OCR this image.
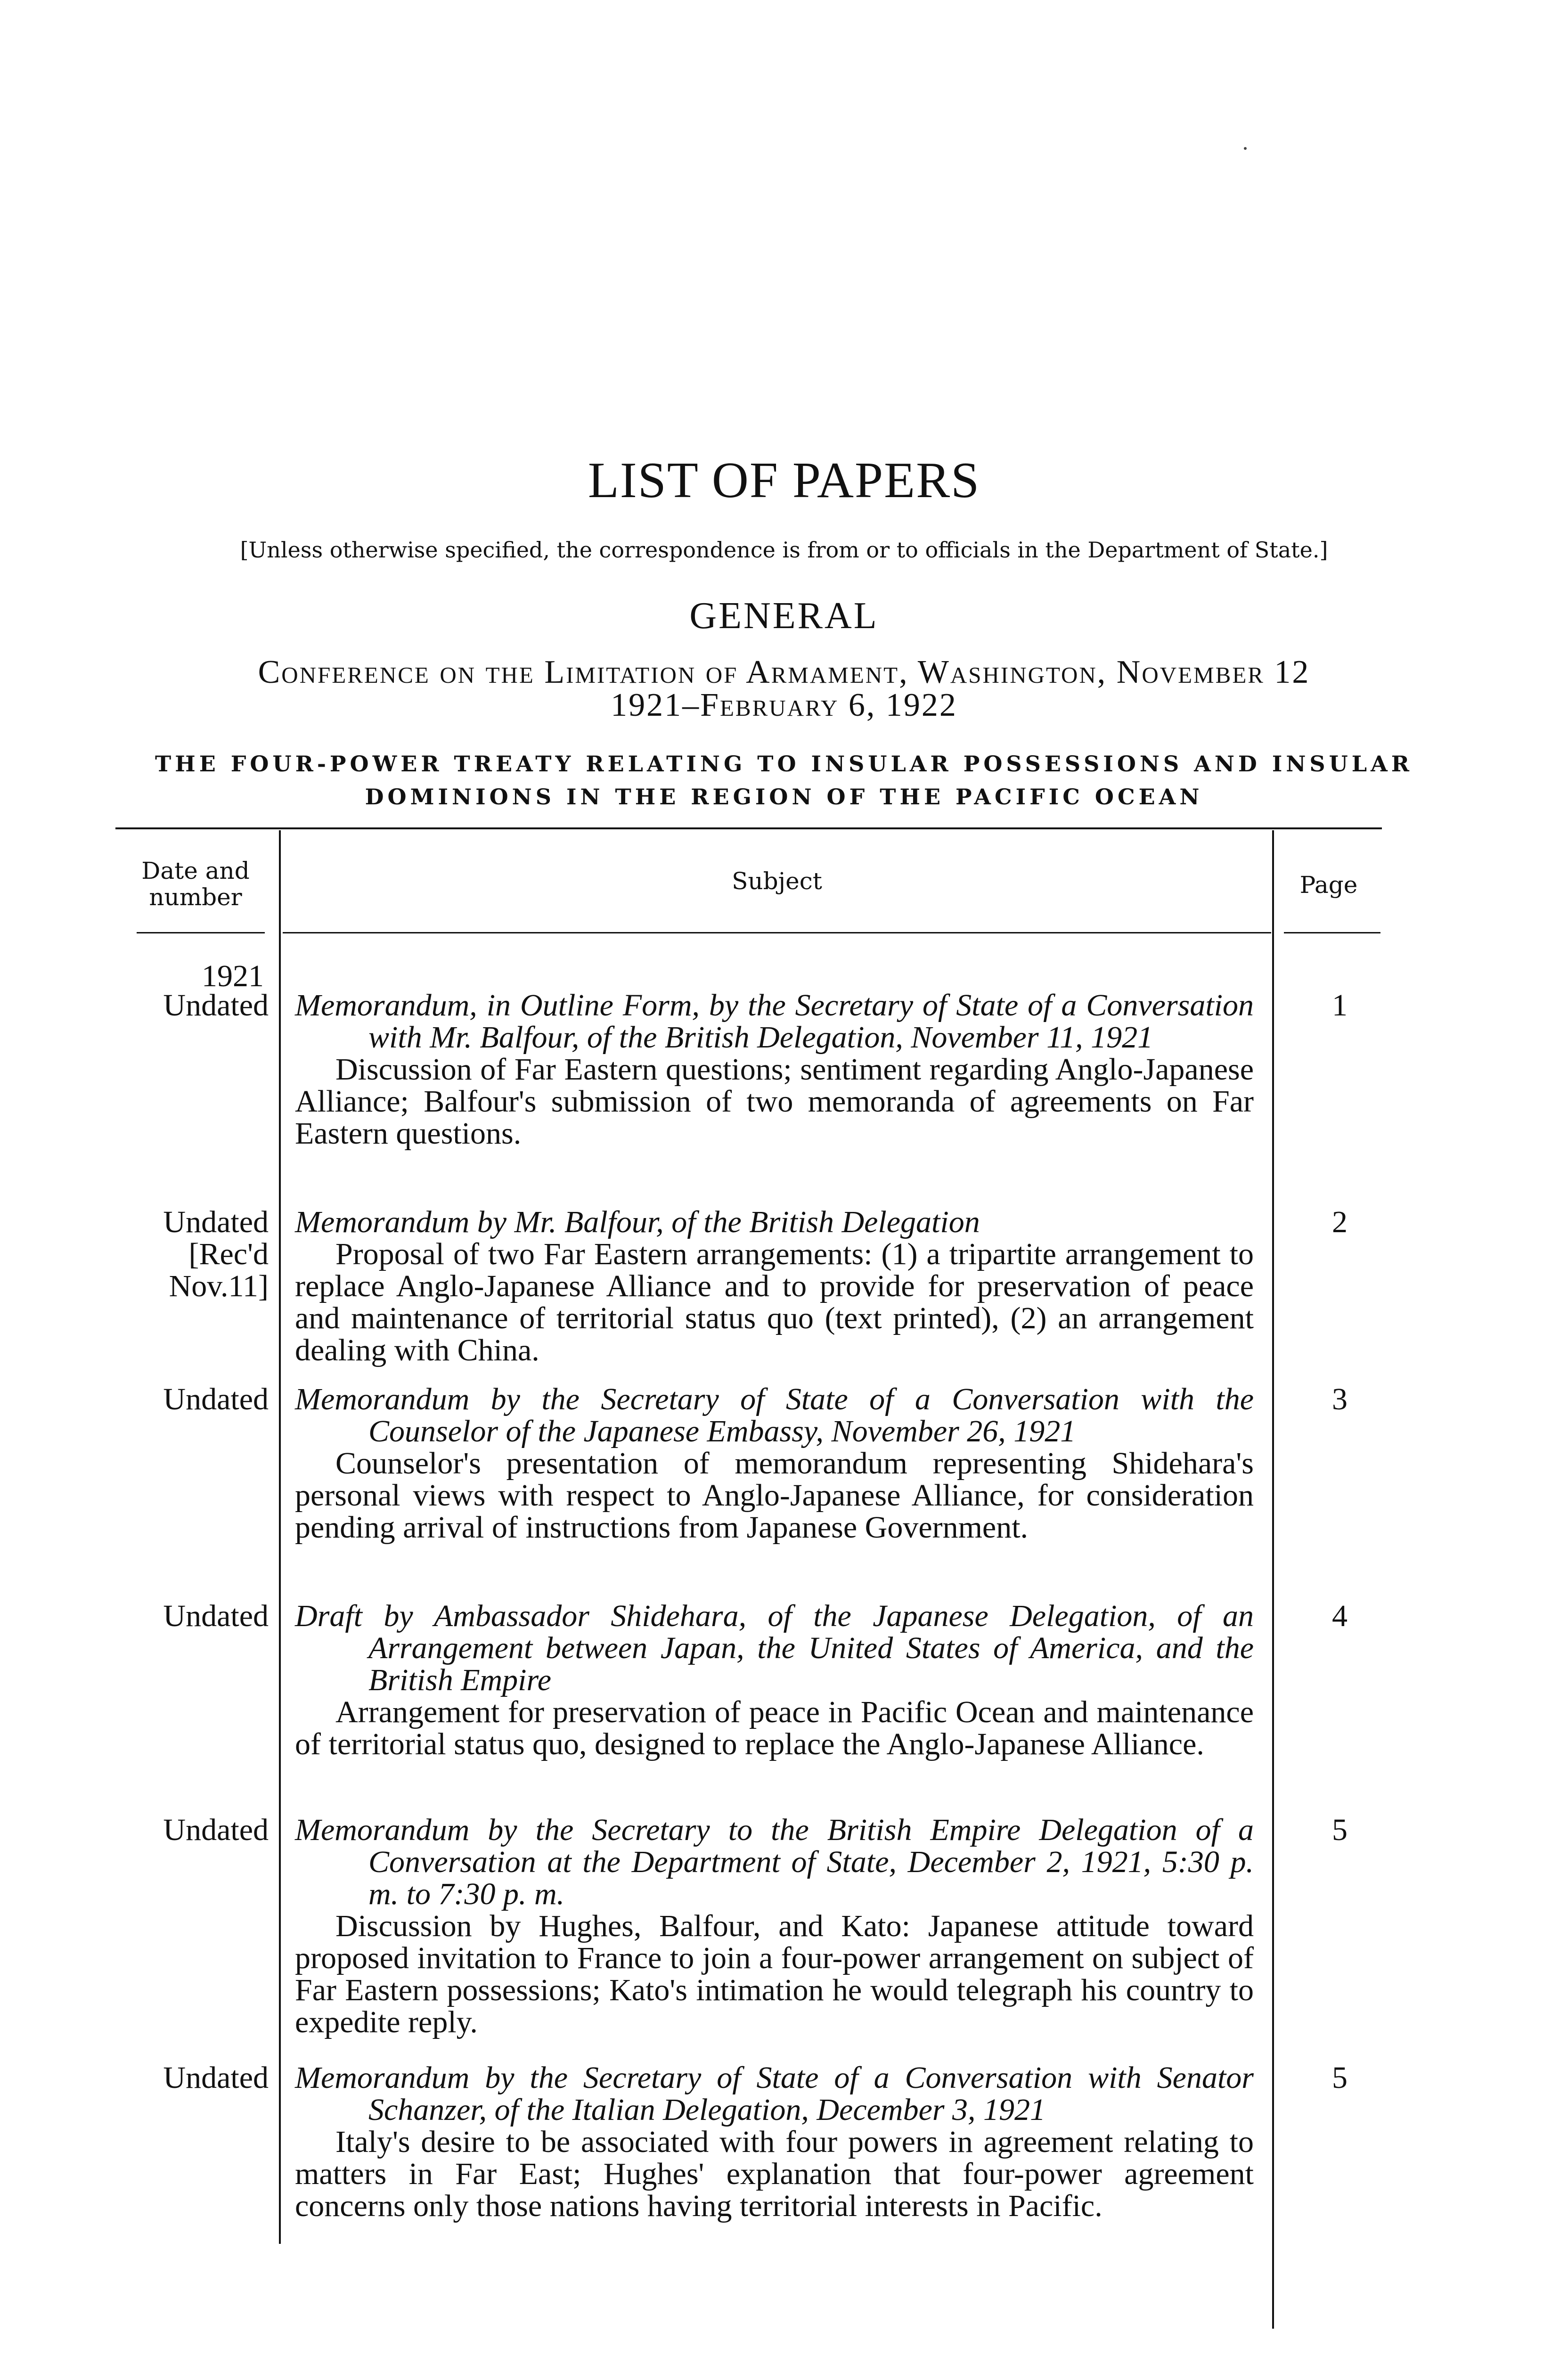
LIST OF PAPERS
[Unless otherwise specified, the correspondence is from or to officials in the Department of State.]
GENERAL
Conference on the Limitation of Armament, Washington, November 12
1921–February 6, 1922
THE FOUR-POWER TREATY RELATING TO INSULAR POSSESSIONS AND INSULAR
DOMINIONS IN THE REGION OF THE PACIFIC OCEAN
Date and number
Subject	Page
1921
Undated Memorandum, in Outline Form, by the Secretary of State of a Conversation with Mr. Balfour, of the British Delegation, November 11, 1921
Discussion of Far Eastern questions; sentiment regarding Anglo-Japanese Alliance; Balfour's submission of two memoranda of agreements on Far Eastern questions.
1
Undated
[Rec'd
Nov.11]
Memorandum by Mr. Balfour, of the British Delegation
Proposal of two Far Eastern arrangements: (1) a tripartite arrangement to replace Anglo-Japanese Alliance and to provide for preservation of peace and maintenance of territorial status quo (text printed), (2) an arrangement dealing with China.
2
Undated Memorandum by the Secretary of State of a Conversation with the Counselor of the Japanese Embassy, November 26, 1921
Counselor's presentation of memorandum representing Shidehara's personal views with respect to Anglo-Japanese Alliance, for consideration pending arrival of instructions from Japanese Government.
3
Undated Draft by Ambassador Shidehara, of the Japanese Delegation, of an Arrangement between Japan, the United States of America, and the British Empire
Arrangement for preservation of peace in Pacific Ocean and maintenance of territorial status quo, designed to replace the Anglo-Japanese Alliance.
4
Undated Memorandum by the Secretary to the British Empire Delegation of a Conversation at the Department of State, December 2, 1921, 5:30 p. m. to 7:30 p. m.
Discussion by Hughes, Balfour, and Kato: Japanese attitude toward proposed invitation to France to join a four-power arrangement on subject of Far Eastern possessions; Kato's intimation he would telegraph his country to expedite reply.
5
Undated Memorandum by the Secretary of State of a Conversation with Senator Schanzer, of the Italian Delegation, December 3, 1921
Italy's desire to be associated with four powers in agreement relating to matters in Far East; Hughes' explanation that four-power agreement concerns only those nations having territorial interests in Pacific.
5
